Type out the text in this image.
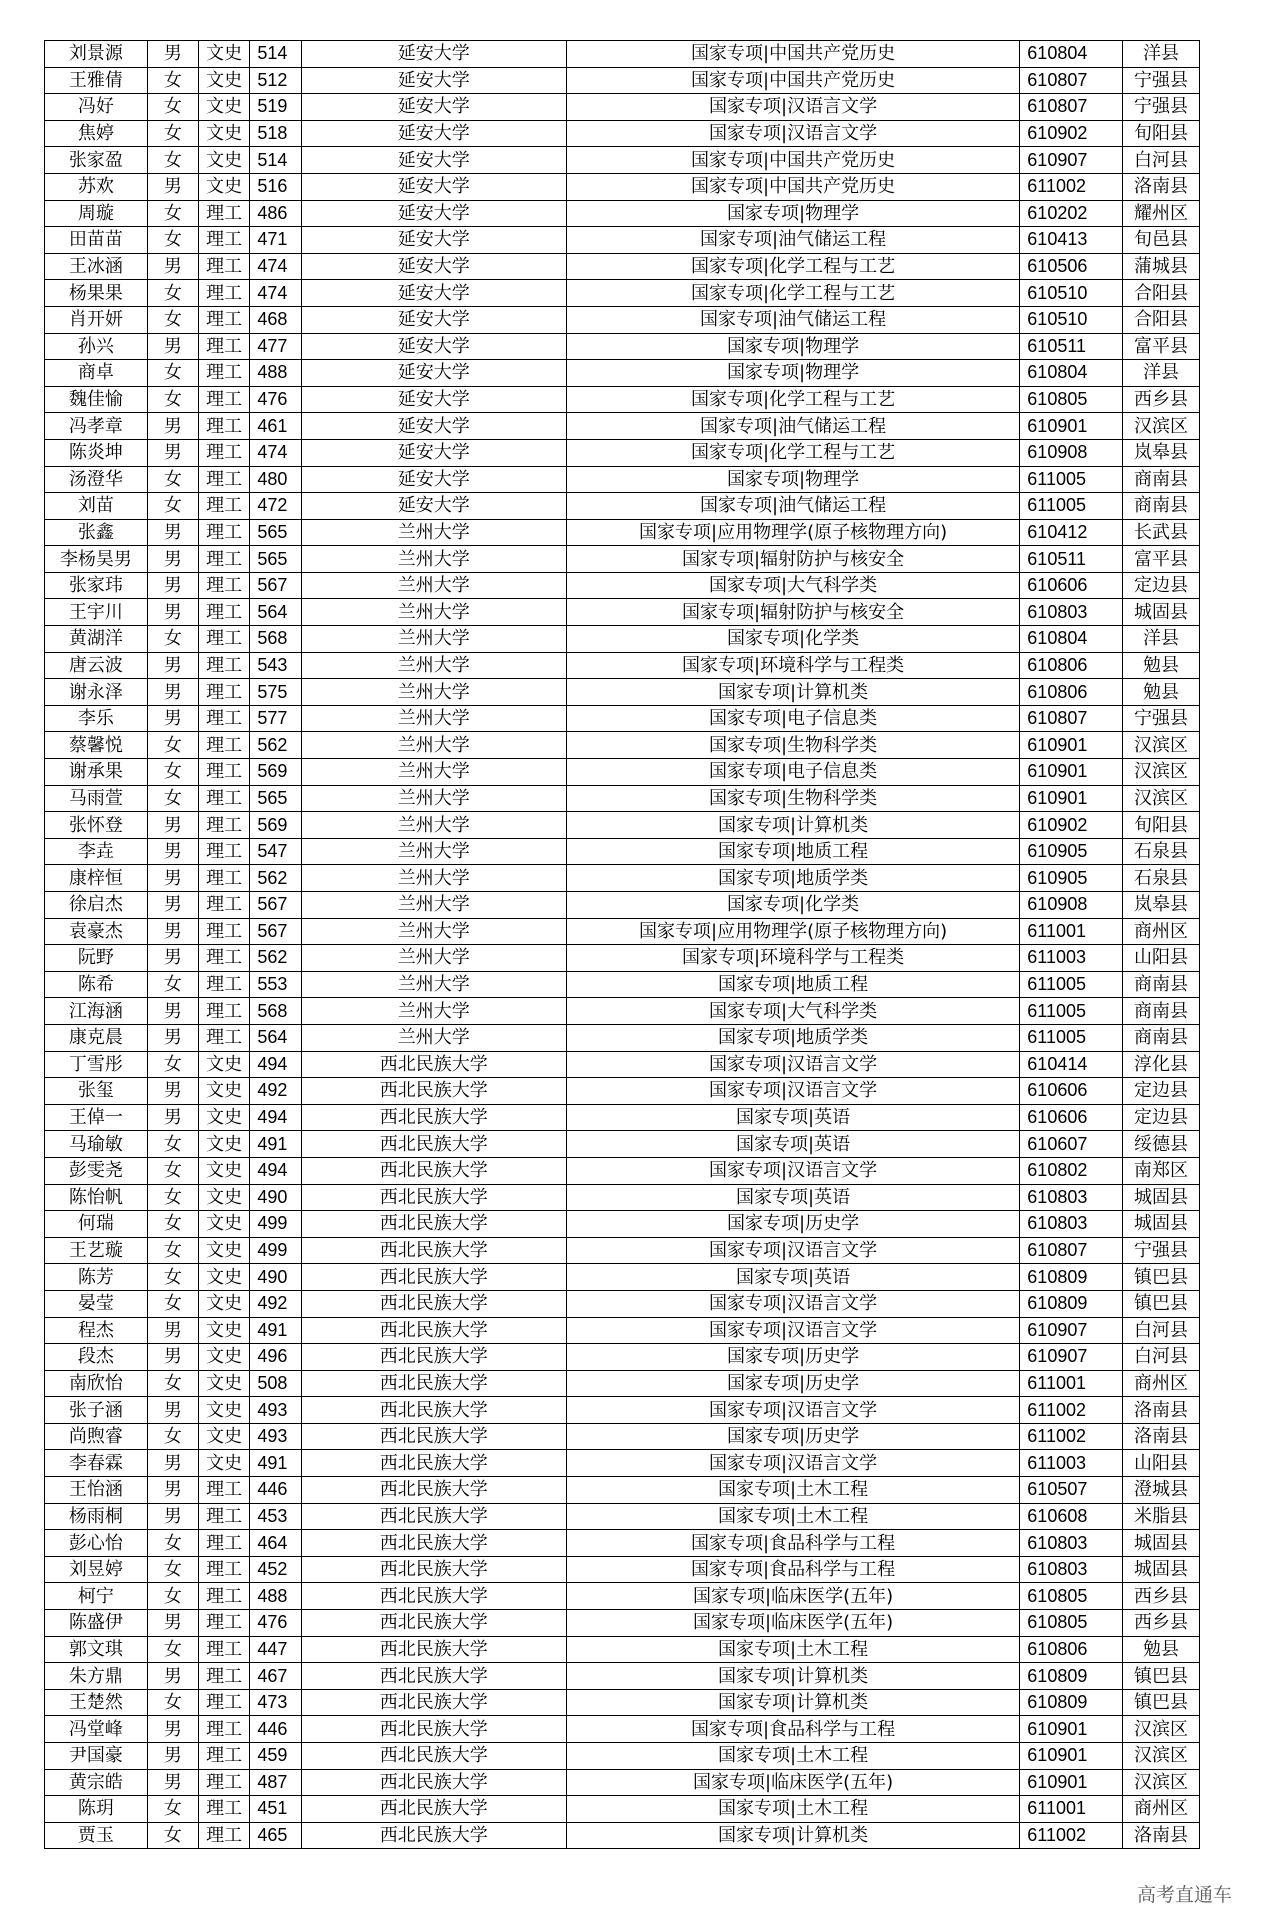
刘景源	男	文史	514	延安大学	国家专项|中国共产党历史	610804	洋县
王雅倩	女	文史	512	延安大学	国家专项|中国共产党历史	610807	宁强县
冯好	女	文史	519	延安大学	国家专项|汉语言文学	610807	宁强县
焦婷	女	文史	518	延安大学	国家专项|汉语言文学	610902	旬阳县
张家盈	女	文史	514	延安大学	国家专项|中国共产党历史	610907	白河县
苏欢	男	文史	516	延安大学	国家专项|中国共产党历史	611002	洛南县
周璇	女	理工	486	延安大学	国家专项|物理学	610202	耀州区
田苗苗	女	理工	471	延安大学	国家专项|油气储运工程	610413	旬邑县
王冰涵	男	理工	474	延安大学	国家专项|化学工程与工艺	610506	蒲城县
杨果果	女	理工	474	延安大学	国家专项|化学工程与工艺	610510	合阳县
肖开妍	女	理工	468	延安大学	国家专项|油气储运工程	610510	合阳县
孙兴	男	理工	477	延安大学	国家专项|物理学	610511	富平县
商卓	女	理工	488	延安大学	国家专项|物理学	610804	洋县
魏佳愉	女	理工	476	延安大学	国家专项|化学工程与工艺	610805	西乡县
冯孝章	男	理工	461	延安大学	国家专项|油气储运工程	610901	汉滨区
陈炎坤	男	理工	474	延安大学	国家专项|化学工程与工艺	610908	岚皋县
汤澄华	女	理工	480	延安大学	国家专项|物理学	611005	商南县
刘苗	女	理工	472	延安大学	国家专项|油气储运工程	611005	商南县
张鑫	男	理工	565	兰州大学	国家专项|应用物理学(原子核物理方向)	610412	长武县
李杨昊男	男	理工	565	兰州大学	国家专项|辐射防护与核安全	610511	富平县
张家玮	男	理工	567	兰州大学	国家专项|大气科学类	610606	定边县
王宇川	男	理工	564	兰州大学	国家专项|辐射防护与核安全	610803	城固县
黄湖洋	女	理工	568	兰州大学	国家专项|化学类	610804	洋县
唐云波	男	理工	543	兰州大学	国家专项|环境科学与工程类	610806	勉县
谢永泽	男	理工	575	兰州大学	国家专项|计算机类	610806	勉县
李乐	男	理工	577	兰州大学	国家专项|电子信息类	610807	宁强县
蔡馨悦	女	理工	562	兰州大学	国家专项|生物科学类	610901	汉滨区
谢承果	女	理工	569	兰州大学	国家专项|电子信息类	610901	汉滨区
马雨萱	女	理工	565	兰州大学	国家专项|生物科学类	610901	汉滨区
张怀登	男	理工	569	兰州大学	国家专项|计算机类	610902	旬阳县
李垚	男	理工	547	兰州大学	国家专项|地质工程	610905	石泉县
康梓恒	男	理工	562	兰州大学	国家专项|地质学类	610905	石泉县
徐启杰	男	理工	567	兰州大学	国家专项|化学类	610908	岚皋县
袁豪杰	男	理工	567	兰州大学	国家专项|应用物理学(原子核物理方向)	611001	商州区
阮野	男	理工	562	兰州大学	国家专项|环境科学与工程类	611003	山阳县
陈希	女	理工	553	兰州大学	国家专项|地质工程	611005	商南县
江海涵	男	理工	568	兰州大学	国家专项|大气科学类	611005	商南县
康克晨	男	理工	564	兰州大学	国家专项|地质学类	611005	商南县
丁雪彤	女	文史	494	西北民族大学	国家专项|汉语言文学	610414	淳化县
张玺	男	文史	492	西北民族大学	国家专项|汉语言文学	610606	定边县
王倬一	男	文史	494	西北民族大学	国家专项|英语	610606	定边县
马瑜敏	女	文史	491	西北民族大学	国家专项|英语	610607	绥德县
彭雯尧	女	文史	494	西北民族大学	国家专项|汉语言文学	610802	南郑区
陈怡帆	女	文史	490	西北民族大学	国家专项|英语	610803	城固县
何瑞	女	文史	499	西北民族大学	国家专项|历史学	610803	城固县
王艺璇	女	文史	499	西北民族大学	国家专项|汉语言文学	610807	宁强县
陈芳	女	文史	490	西北民族大学	国家专项|英语	610809	镇巴县
晏莹	女	文史	492	西北民族大学	国家专项|汉语言文学	610809	镇巴县
程杰	男	文史	491	西北民族大学	国家专项|汉语言文学	610907	白河县
段杰	男	文史	496	西北民族大学	国家专项|历史学	610907	白河县
南欣怡	女	文史	508	西北民族大学	国家专项|历史学	611001	商州区
张子涵	男	文史	493	西北民族大学	国家专项|汉语言文学	611002	洛南县
尚煦睿	女	文史	493	西北民族大学	国家专项|历史学	611002	洛南县
李春霖	男	文史	491	西北民族大学	国家专项|汉语言文学	611003	山阳县
王怡涵	男	理工	446	西北民族大学	国家专项|土木工程	610507	澄城县
杨雨桐	男	理工	453	西北民族大学	国家专项|土木工程	610608	米脂县
彭心怡	女	理工	464	西北民族大学	国家专项|食品科学与工程	610803	城固县
刘昱婷	女	理工	452	西北民族大学	国家专项|食品科学与工程	610803	城固县
柯宁	女	理工	488	西北民族大学	国家专项|临床医学(五年)	610805	西乡县
陈盛伊	男	理工	476	西北民族大学	国家专项|临床医学(五年)	610805	西乡县
郭文琪	女	理工	447	西北民族大学	国家专项|土木工程	610806	勉县
朱方鼎	男	理工	467	西北民族大学	国家专项|计算机类	610809	镇巴县
王楚然	女	理工	473	西北民族大学	国家专项|计算机类	610809	镇巴县
冯堂峰	男	理工	446	西北民族大学	国家专项|食品科学与工程	610901	汉滨区
尹国豪	男	理工	459	西北民族大学	国家专项|土木工程	610901	汉滨区
黄宗皓	男	理工	487	西北民族大学	国家专项|临床医学(五年)	610901	汉滨区
陈玥	女	理工	451	西北民族大学	国家专项|土木工程	611001	商州区
贾玉	女	理工	465	西北民族大学	国家专项|计算机类	611002	洛南县
高考直通车
